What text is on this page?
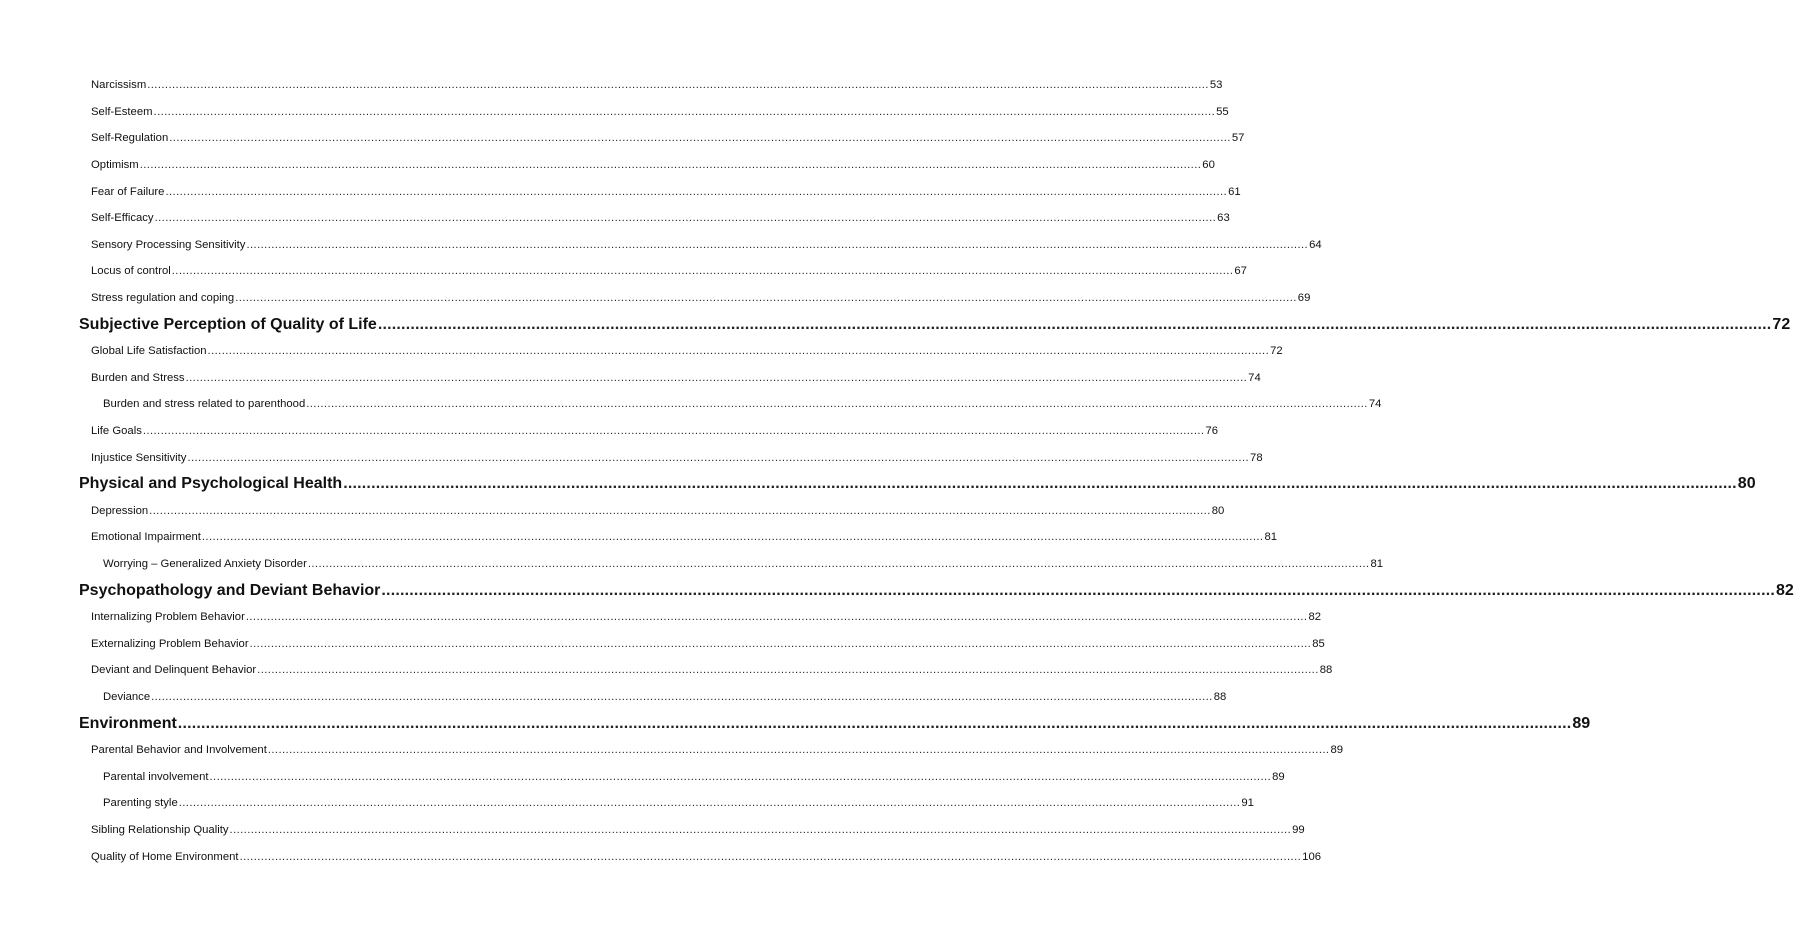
Narcissism ............................................................................................................................................................................................................................................................................................................ 53
Self-Esteem ............................................................................................................................................................................................................................................................................................................ 55
Self-Regulation ............................................................................................................................................................................................................................................................................................................ 57
Optimism ............................................................................................................................................................................................................................................................................................................ 60
Fear of Failure ............................................................................................................................................................................................................................................................................................................ 61
Self-Efficacy ............................................................................................................................................................................................................................................................................................................ 63
Sensory Processing Sensitivity ............................................................................................................................................................................................................................................................................................................ 64
Locus of control ............................................................................................................................................................................................................................................................................................................ 67
Stress regulation and coping ............................................................................................................................................................................................................................................................................................................ 69
Subjective Perception of Quality of Life ............................................................................................................................................................................................................................................................................................................ 72
Global Life Satisfaction ............................................................................................................................................................................................................................................................................................................ 72
Burden and Stress ............................................................................................................................................................................................................................................................................................................ 74
Burden and stress related to parenthood ............................................................................................................................................................................................................................................................................................................ 74
Life Goals ............................................................................................................................................................................................................................................................................................................ 76
Injustice Sensitivity ............................................................................................................................................................................................................................................................................................................ 78
Physical and Psychological Health ............................................................................................................................................................................................................................................................................................................ 80
Depression ............................................................................................................................................................................................................................................................................................................ 80
Emotional Impairment ............................................................................................................................................................................................................................................................................................................ 81
Worrying – Generalized Anxiety Disorder ............................................................................................................................................................................................................................................................................................................ 81
Psychopathology and Deviant Behavior ............................................................................................................................................................................................................................................................................................................ 82
Internalizing Problem Behavior ............................................................................................................................................................................................................................................................................................................ 82
Externalizing Problem Behavior ............................................................................................................................................................................................................................................................................................................ 85
Deviant and Delinquent Behavior ............................................................................................................................................................................................................................................................................................................ 88
Deviance ............................................................................................................................................................................................................................................................................................................ 88
Environment ............................................................................................................................................................................................................................................................................................................ 89
Parental Behavior and Involvement ............................................................................................................................................................................................................................................................................................................ 89
Parental involvement ............................................................................................................................................................................................................................................................................................................ 89
Parenting style ............................................................................................................................................................................................................................................................................................................ 91
Sibling Relationship Quality ............................................................................................................................................................................................................................................................................................................ 99
Quality of Home Environment ............................................................................................................................................................................................................................................................................................................ 106
